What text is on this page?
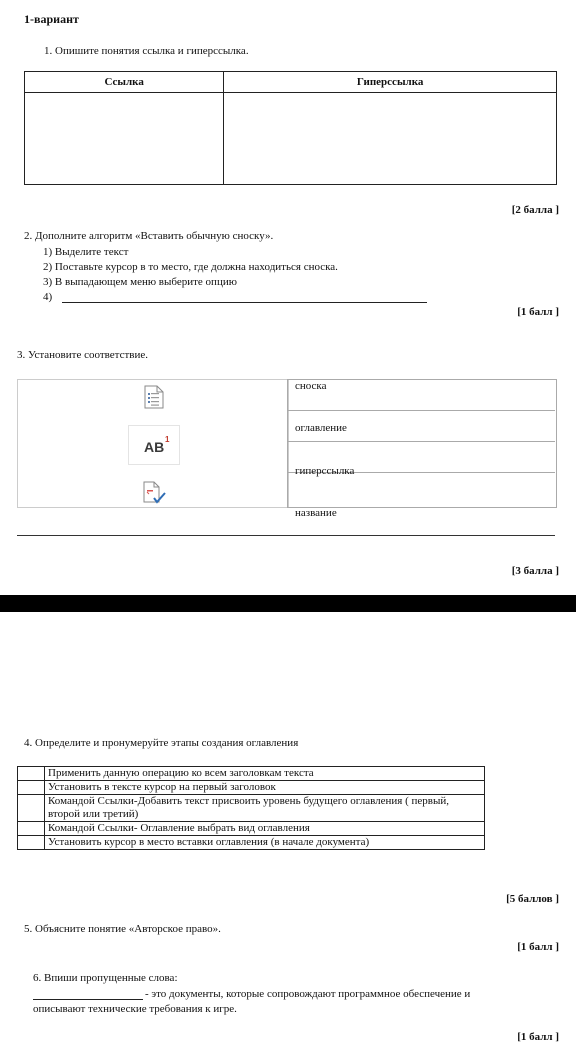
1-вариант
1. Опишите понятия ссылка и гиперссылка.
Ссылка	Гиперссылка

[2 балла ]
2. Дополните алгоритм «Вставить обычную сноску».
1) Выделите текст
2) Поставьте курсор в то место, где должна находиться сноска.
3) В выпадающем меню выберите опцию
4)
[1 балл ]
3. Установите соответствие.
AB 1
сноска
оглавление
гиперссылка
название
[3 балла ]
4. Определите и пронумеруйте этапы создания оглавления
	Применить данную операцию ко всем заголовкам текста
	Установить в тексте курсор на первый заголовок
	Командой Ссылки-Добавить текст присвоить уровень будущего оглавления ( первый, второй или третий)
	Командой Ссылки- Оглавление выбрать вид оглавления
	Установить курсор в место вставки оглавления (в начале документа)
[5 баллов ]
5. Объясните понятие «Авторское право».
[1 балл ]
6. Впиши пропущенные слова:
- это документы, которые сопровождают программное обеспечение и
описывают технические требования к игре.
[1 балл ]
